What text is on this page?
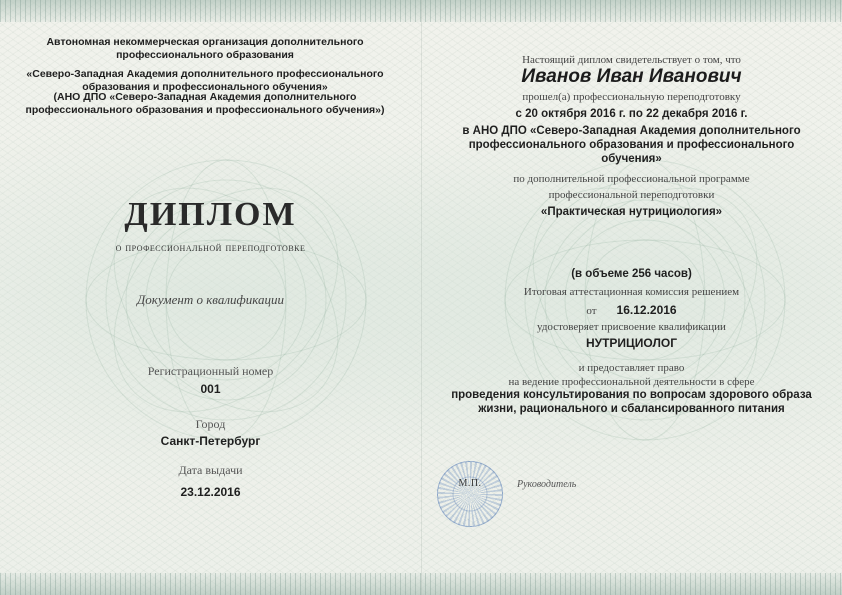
Автономная некоммерческая организация дополнительного профессионального образования
«Северо-Западная Академия дополнительного профессионального образования и профессионального обучения»
(АНО ДПО «Северо-Западная Академия дополнительного профессионального образования и профессионального обучения»)
ДИПЛОМ
о профессиональной переподготовке
Документ о квалификации
Регистрационный номер
001
Город
Санкт-Петербург
Дата выдачи
23.12.2016
Настоящий диплом свидетельствует о том, что
Иванов Иван Иванович
прошел(а) профессиональную переподготовку
с 20 октября 2016 г. по 22 декабря 2016 г.
в АНО ДПО «Северо-Западная Академия дополнительного профессионального образования и профессионального обучения»
по дополнительной профессиональной программе
профессиональной переподготовки
«Практическая нутрициология»
(в объеме 256 часов)
Итоговая аттестационная комиссия решением
от 16.12.2016
удостоверяет присвоение квалификации
НУТРИЦИОЛОГ
и предоставляет право
на ведение профессиональной деятельности в сфере
проведения консультирования по вопросам здорового образа жизни, рационального и сбалансированного питания
М.П.	Руководитель
